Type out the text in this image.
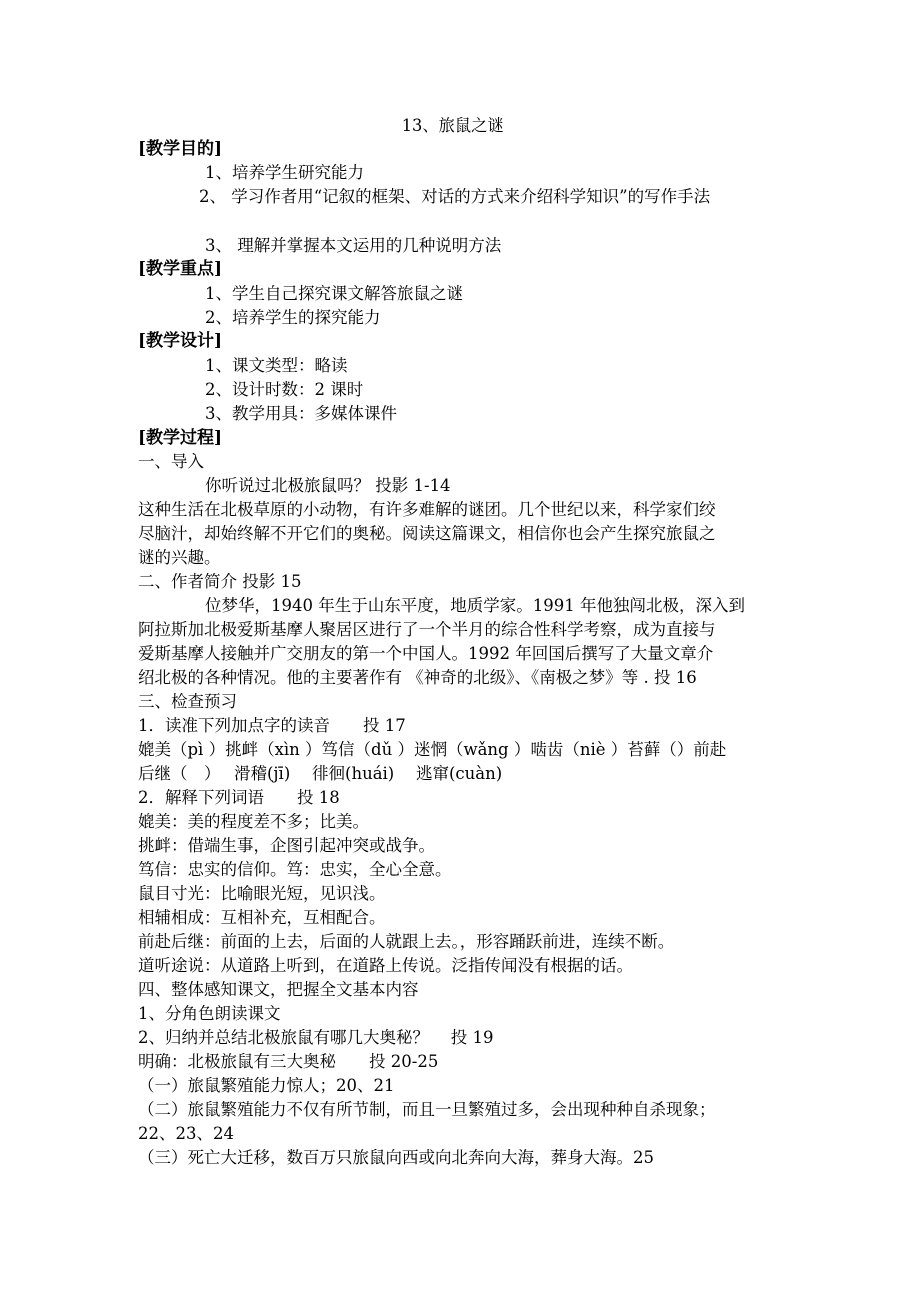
13、旅鼠之谜
[教学目的]
1、培养学生研究能力
2、 学习作者用“记叙的框架、对话的方式来介绍科学知识”的写作手法
3、 理解并掌握本文运用的几种说明方法
[教学重点]
1、学生自己探究课文解答旅鼠之谜
2、培养学生的探究能力
[教学设计]
1、课文类型：略读
2、设计时数：2 课时
3、教学用具：多媒体课件
[教学过程]
一、导入
你听说过北极旅鼠吗？ 投影 1-14
这种生活在北极草原的小动物，有许多难解的谜团。几个世纪以来，科学家们绞
尽脑汁，却始终解不开它们的奥秘。阅读这篇课文，相信你也会产生探究旅鼠之
谜的兴趣。
二、作者简介 投影 15
位梦华，1940 年生于山东平度，地质学家。1991 年他独闯北极，深入到
阿拉斯加北极爱斯基摩人聚居区进行了一个半月的综合性科学考察，成为直接与
爱斯基摩人接触并广交朋友的第一个中国人。1992 年回国后撰写了大量文章介
绍北极的各种情况。他的主要著作有 《神奇的北级》、《南极之梦》等 . 投 16
三、检查预习
1．读准下列加点字的读音　　投 17
媲美（pì ）挑衅（xìn ）笃信（dǔ ）迷惘（wǎng ）啮齿（niè ）苔藓（）前赴
后继（　）　 滑稽(jī)　 徘徊(huái)　 逃窜(cuàn)
2．解释下列词语　　投 18
媲美：美的程度差不多；比美。
挑衅：借端生事，企图引起冲突或战争。
笃信：忠实的信仰。笃：忠实，全心全意。
鼠目寸光：比喻眼光短，见识浅。
相辅相成：互相补充，互相配合。
前赴后继：前面的上去，后面的人就跟上去。，形容踊跃前进，连续不断。
道听途说：从道路上听到，在道路上传说。泛指传闻没有根据的话。
四、整体感知课文，把握全文基本内容
1、分角色朗读课文
2、归纳并总结北极旅鼠有哪几大奥秘？　 投 19
明确：北极旅鼠有三大奥秘　　投 20-25
（一）旅鼠繁殖能力惊人；20、21
（二）旅鼠繁殖能力不仅有所节制，而且一旦繁殖过多，会出现种种自杀现象；
22、23、24
（三）死亡大迁移，数百万只旅鼠向西或向北奔向大海，葬身大海。25
